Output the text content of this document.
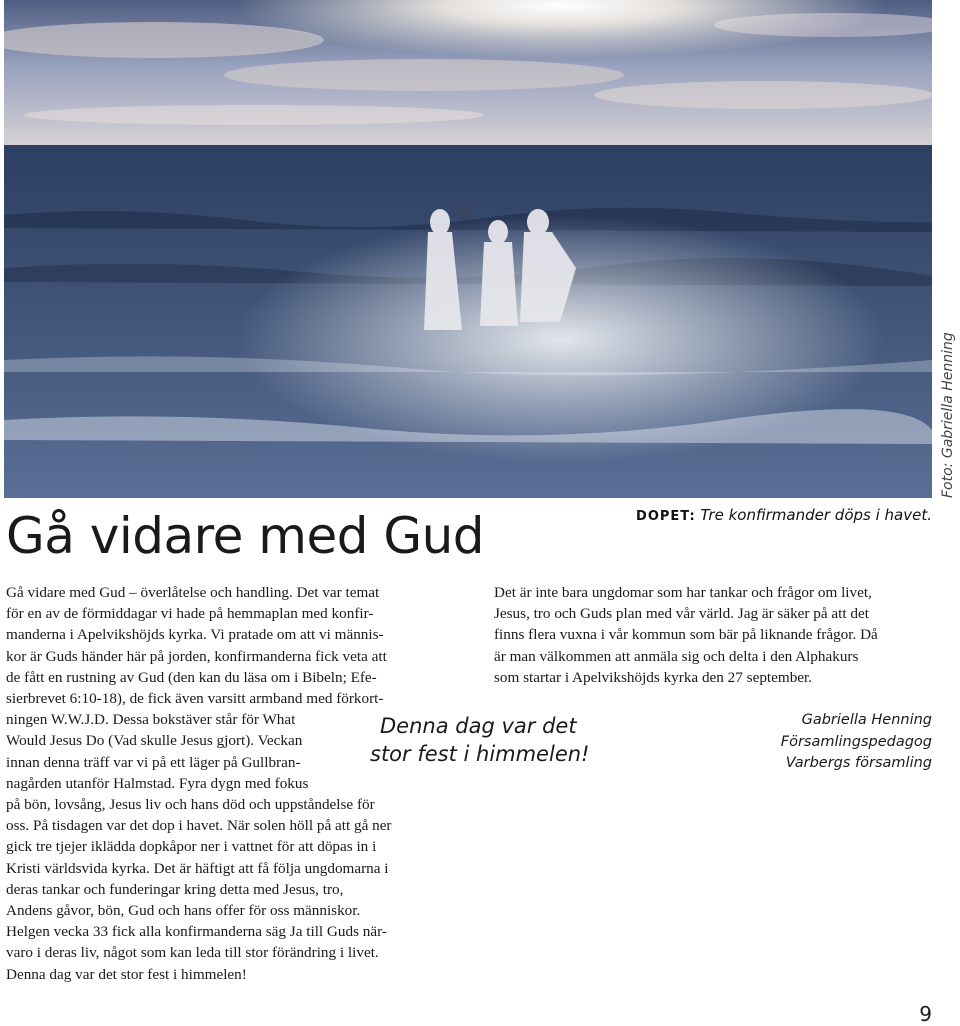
Foto: Gabriella Henning
DOPET: Tre konfirmander döps i havet.
Gå vidare med Gud
Gå vidare med Gud – överlåtelse och handling. Det var temat
för en av de förmiddagar vi hade på hemmaplan med konfir-
manderna i Apelvikshöjds kyrka. Vi pratade om att vi männis-
kor är Guds händer här på jorden, konfirmanderna fick veta att
de fått en rustning av Gud (den kan du läsa om i Bibeln; Efe-
sierbrevet 6:10-18), de fick även varsitt armband med förkort-
ningen W.W.J.D. Dessa bokstäver står för What
Would Jesus Do (Vad skulle Jesus gjort). Veckan
innan denna träff var vi på ett läger på Gullbran-
nagården utanför Halmstad. Fyra dygn med fokus
på bön, lovsång, Jesus liv och hans död och uppståndelse för
oss. På tisdagen var det dop i havet. När solen höll på att gå ner
gick tre tjejer iklädda dopkåpor ner i vattnet för att döpas in i
Kristi världsvida kyrka. Det är häftigt att få följa ungdomarna i
deras tankar och funderingar kring detta med Jesus, tro,
Andens gåvor, bön, Gud och hans offer för oss människor.
Helgen vecka 33 fick alla konfirmanderna säg Ja till Guds när-
varo i deras liv, något som kan leda till stor förändring i livet.
Denna dag var det stor fest i himmelen!
Denna dag var det
stor fest i himmelen!
Det är inte bara ungdomar som har tankar och frågor om livet,
Jesus, tro och Guds plan med vår värld. Jag är säker på att det
finns flera vuxna i vår kommun som bär på liknande frågor. Då
är man välkommen att anmäla sig och delta i den Alphakurs
som startar i Apelvikshöjds kyrka den 27 september.
Gabriella Henning
Församlingspedagog
Varbergs församling
9
